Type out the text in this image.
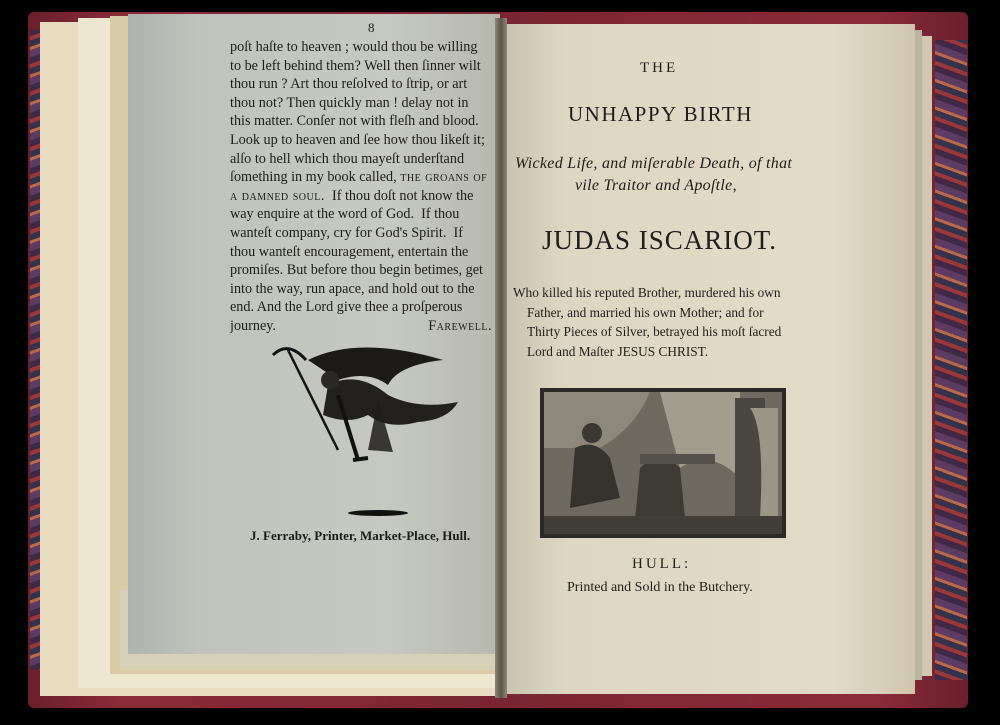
8
poſt haſte to heaven ; would thou be willing
to be left behind them? Well then ſinner wilt
thou run ? Art thou reſolved to ſtrip, or art
thou not? Then quickly man ! delay not in
this matter. Conſer not with fleſh and blood.
Look up to heaven and ſee how thou likeſt it;
alſo to hell which thou mayeſt underſtand
ſomething in my book called, the groans of
a damned soul. If thou doſt not know the
way enquire at the word of God. If thou
wanteſt company, cry for God's Spirit. If
thou wanteſt encouragement, entertain the
promiſes. But before thou begin betimes, get
into the way, run apace, and hold out to the
end. And the Lord give thee a proſperous
journey.	Farewell.
J. Ferraby, Printer, Market-Place, Hull.
THE
UNHAPPY BIRTH
Wicked Life, and miſerable Death, of that
vile Traitor and Apoſtle,
JUDAS ISCARIOT.
Who killed his reputed Brother, murdered his own
Father, and married his own Mother; and for
Thirty Pieces of Silver, betrayed his moſt ſacred
Lord and Maſter JESUS CHRIST.
HULL:
Printed and Sold in the Butchery.
